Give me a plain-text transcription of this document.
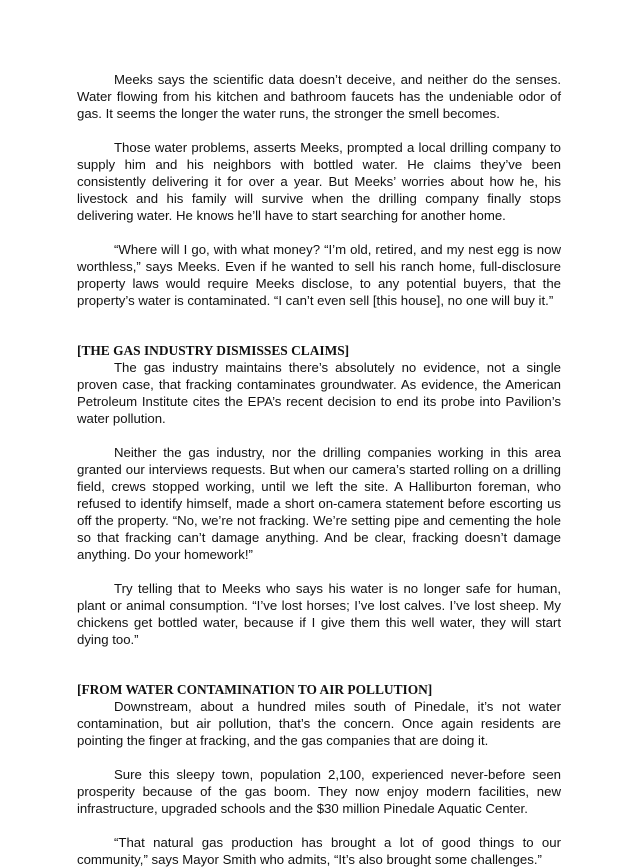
Meeks says the scientific data doesn’t deceive, and neither do the senses. Water flowing from his kitchen and bathroom faucets has the undeniable odor of gas. It seems the longer the water runs, the stronger the smell becomes.

Those water problems, asserts Meeks, prompted a local drilling company to supply him and his neighbors with bottled water. He claims they’ve been consistently delivering it for over a year. But Meeks’ worries about how he, his livestock and his family will survive when the drilling company finally stops delivering water. He knows he’ll have to start searching for another home.

“Where will I go, with what money? “I’m old, retired, and my nest egg is now worthless,” says Meeks. Even if he wanted to sell his ranch home, full-disclosure property laws would require Meeks disclose, to any potential buyers, that the property’s water is contaminated. “I can’t even sell [this house], no one will buy it.”

[THE GAS INDUSTRY DISMISSES CLAIMS]

The gas industry maintains there’s absolutely no evidence, not a single proven case, that fracking contaminates groundwater. As evidence, the American Petroleum Institute cites the EPA’s recent decision to end its probe into Pavilion’s water pollution.

Neither the gas industry, nor the drilling companies working in this area granted our interviews requests. But when our camera’s started rolling on a drilling field, crews stopped working, until we left the site. A Halliburton foreman, who refused to identify himself, made a short on-camera statement before escorting us off the property. “No, we’re not fracking. We’re setting pipe and cementing the hole so that fracking can’t damage anything. And be clear, fracking doesn’t damage anything. Do your homework!”

Try telling that to Meeks who says his water is no longer safe for human, plant or animal consumption. “I’ve lost horses; I’ve lost calves. I’ve lost sheep. My chickens get bottled water, because if I give them this well water, they will start dying too.”

[FROM WATER CONTAMINATION TO AIR POLLUTION]

Downstream, about a hundred miles south of Pinedale, it’s not water contamination, but air pollution, that’s the concern. Once again residents are pointing the finger at fracking, and the gas companies that are doing it.

Sure this sleepy town, population 2,100, experienced never-before seen prosperity because of the gas boom. They now enjoy modern facilities, new infrastructure, upgraded schools and the $30 million Pinedale Aquatic Center.

“That natural gas production has brought a lot of good things to our community,” says Mayor Smith who admits, “It’s also brought some challenges.”
